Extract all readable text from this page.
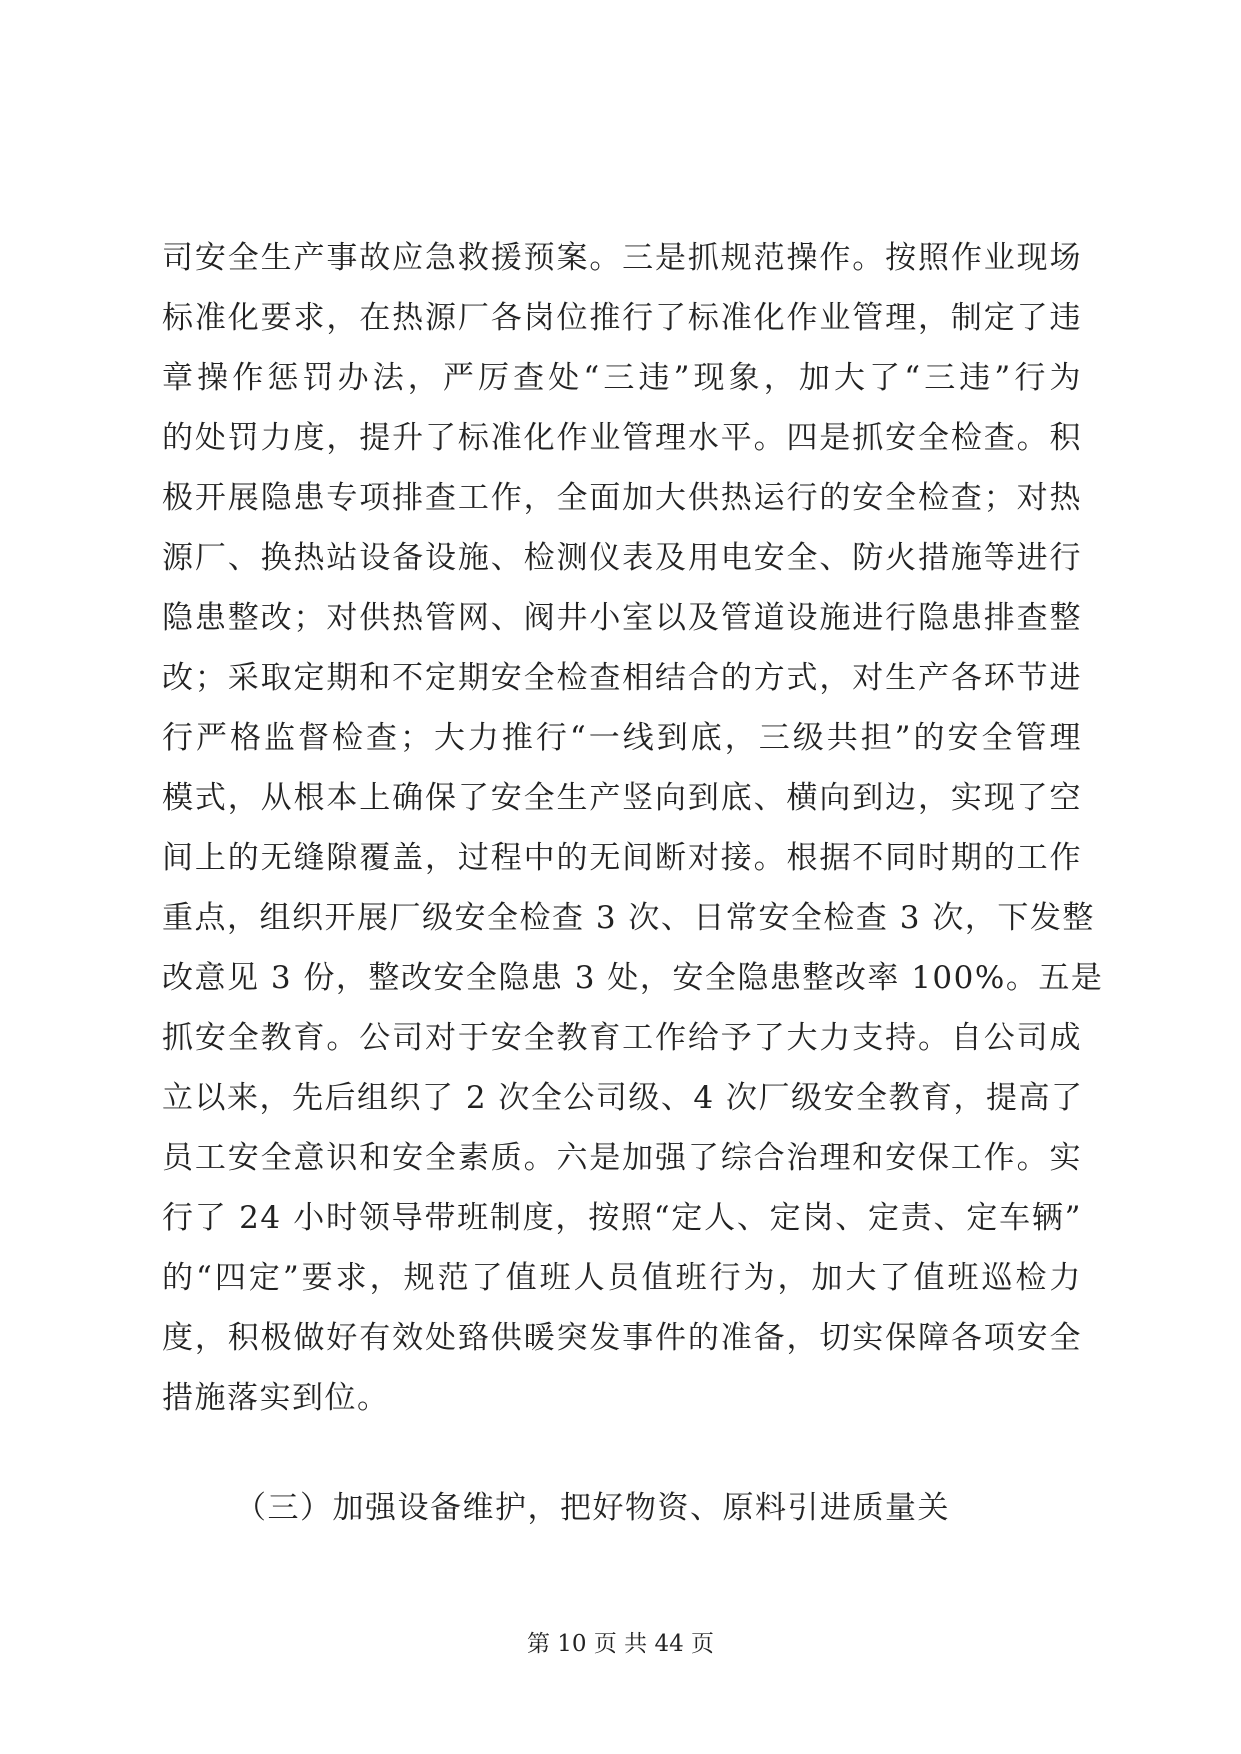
司安全生产事故应急救援预案。三是抓规范操作。按照作业现场
标准化要求，在热源厂各岗位推行了标准化作业管理，制定了违
章操作惩罚办法，严厉查处“三违”现象，加大了“三违”行为
的处罚力度，提升了标准化作业管理水平。四是抓安全检查。积
极开展隐患专项排查工作，全面加大供热运行的安全检查；对热
源厂、换热站设备设施、检测仪表及用电安全、防火措施等进行
隐患整改；对供热管网、阀井小室以及管道设施进行隐患排查整
改；采取定期和不定期安全检查相结合的方式，对生产各环节进
行严格监督检查；大力推行“一线到底，三级共担”的安全管理
模式，从根本上确保了安全生产竖向到底、横向到边，实现了空
间上的无缝隙覆盖，过程中的无间断对接。根据不同时期的工作
重点，组织开展厂级安全检查 3 次、日常安全检查 3 次，下发整
改意见 3 份，整改安全隐患 3 处，安全隐患整改率 100%。五是
抓安全教育。公司对于安全教育工作给予了大力支持。自公司成
立以来，先后组织了 2 次全公司级、4 次厂级安全教育，提高了
员工安全意识和安全素质。六是加强了综合治理和安保工作。实
行了 24 小时领导带班制度，按照“定人、定岗、定责、定车辆”
的“四定”要求，规范了值班人员值班行为，加大了值班巡检力
度，积极做好有效处臵供暖突发事件的准备，切实保障各项安全
措施落实到位。
（三）加强设备维护，把好物资、原料引进质量关
第 10 页 共 44 页
